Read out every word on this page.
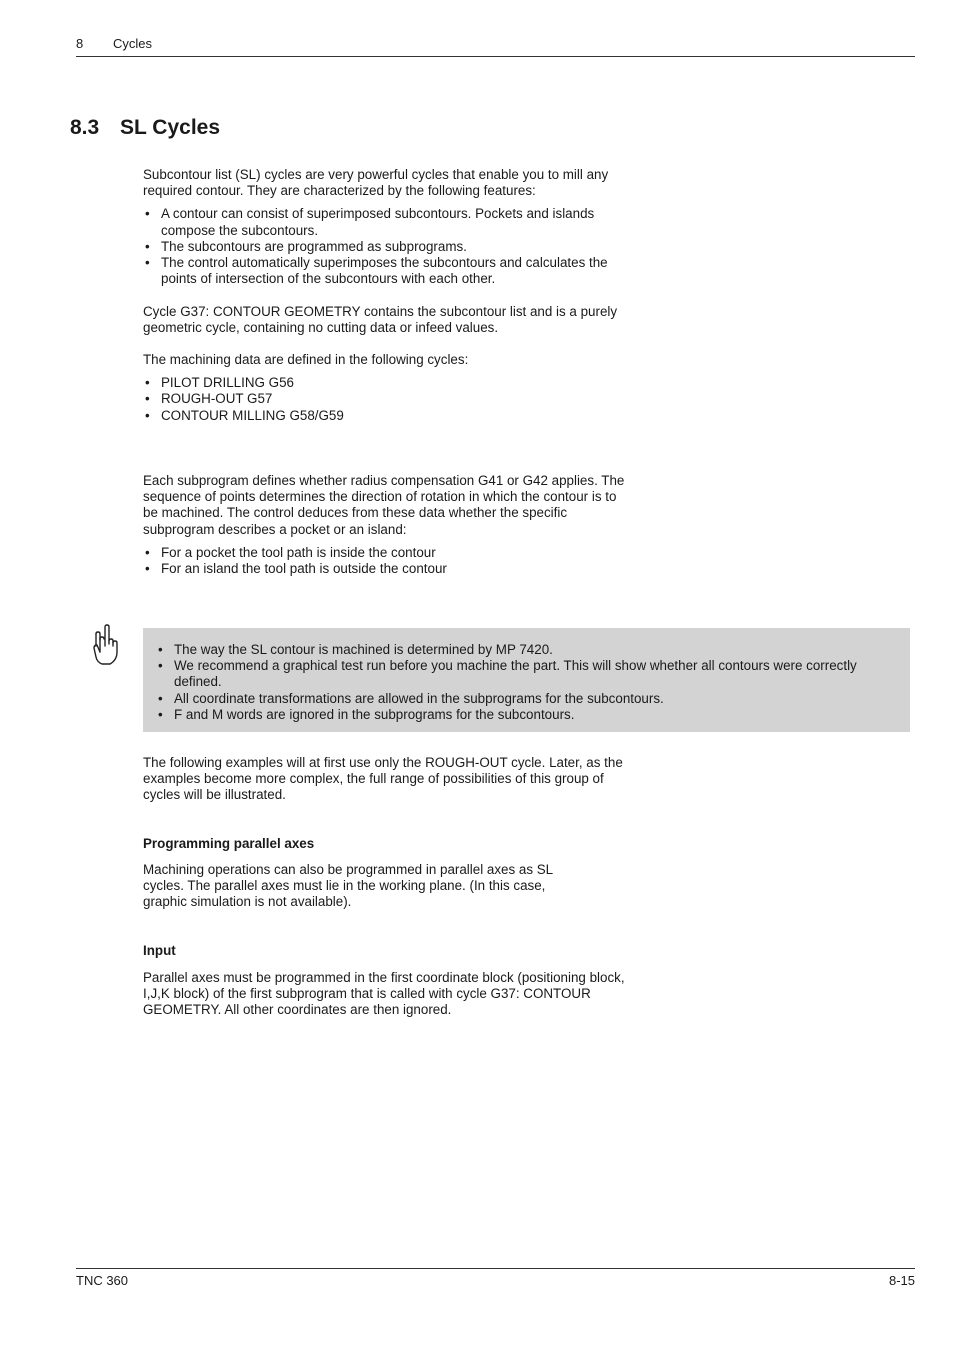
8 Cycles
8.3 SL Cycles

Subcontour list (SL) cycles are very powerful cycles that enable you to mill any required contour. They are characterized by the following features:

• A contour can consist of superimposed subcontours. Pockets and islands compose the subcontours.
• The subcontours are programmed as subprograms.
• The control automatically superimposes the subcontours and calculates the points of intersection of the subcontours with each other.

Cycle G37: CONTOUR GEOMETRY contains the subcontour list and is a purely geometric cycle, containing no cutting data or infeed values.

The machining data are defined in the following cycles:

• PILOT DRILLING G56
• ROUGH-OUT G57
• CONTOUR MILLING G58/G59

Each subprogram defines whether radius compensation G41 or G42 applies. The sequence of points determines the direction of rotation in which the contour is to be machined. The control deduces from these data whether the specific subprogram describes a pocket or an island:

• For a pocket the tool path is inside the contour
• For an island the tool path is outside the contour
• The way the SL contour is machined is determined by MP 7420.
• We recommend a graphical test run before you machine the part. This will show whether all contours were correctly defined.
• All coordinate transformations are allowed in the subprograms for the subcontours.
• F and M words are ignored in the subprograms for the subcontours.

The following examples will at first use only the ROUGH-OUT cycle. Later, as the examples become more complex, the full range of possibilities of this group of cycles will be illustrated.

Programming parallel axes

Machining operations can also be programmed in parallel axes as SL cycles. The parallel axes must lie in the working plane. (In this case, graphic simulation is not available).

Input

Parallel axes must be programmed in the first coordinate block (positioning block, I,J,K block) of the first subprogram that is called with cycle G37: CONTOUR GEOMETRY. All other coordinates are then ignored.

TNC 360	8-15
